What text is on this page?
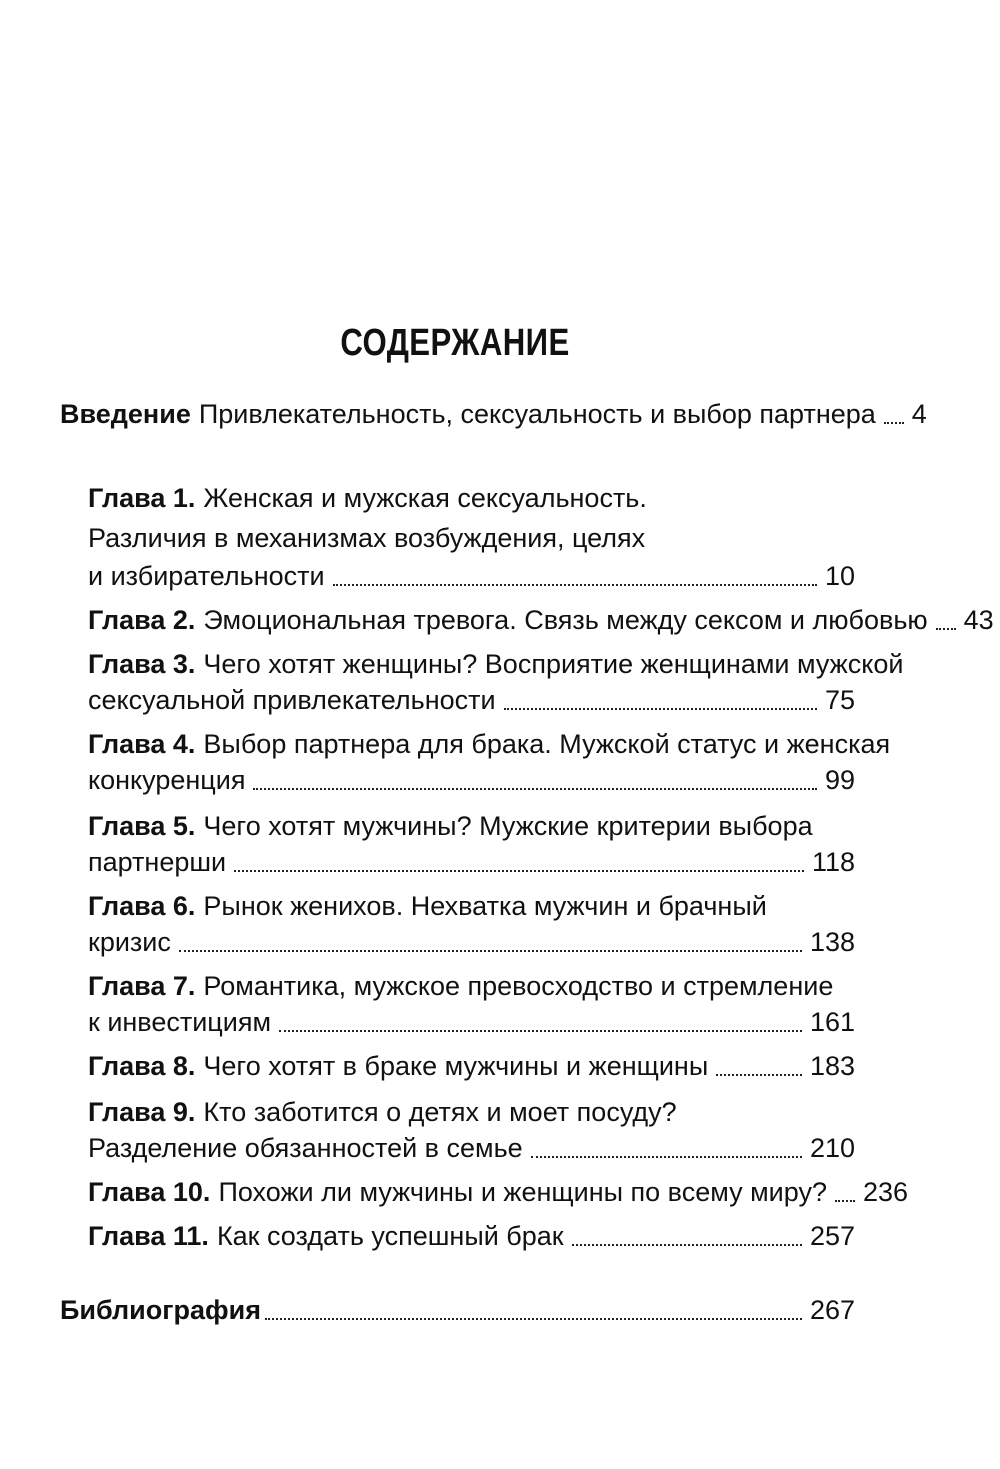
СОДЕРЖАНИЕ
Введение Привлекательность, сексуальность и выбор партнера 4
Глава 1. Женская и мужская сексуальность.
Различия в механизмах возбуждения, целях
и избирательности	10
Глава 2. Эмоциональная тревога. Связь между сексом и любовью 43
Глава 3. Чего хотят женщины? Восприятие женщинами мужской
сексуальной привлекательности	75
Глава 4. Выбор партнера для брака. Мужской статус и женская
конкуренция	99
Глава 5. Чего хотят мужчины? Мужские критерии выбора
партнерши	118
Глава 6. Рынок женихов. Нехватка мужчин и брачный
кризис	138
Глава 7. Романтика, мужское превосходство и стремление
к инвестициям	161
Глава 8. Чего хотят в браке мужчины и женщины	183
Глава 9. Кто заботится о детях и моет посуду?
Разделение обязанностей в семье	210
Глава 10. Похожи ли мужчины и женщины по всему миру? 236
Глава 11. Как создать успешный брак	257
Библиография	267
